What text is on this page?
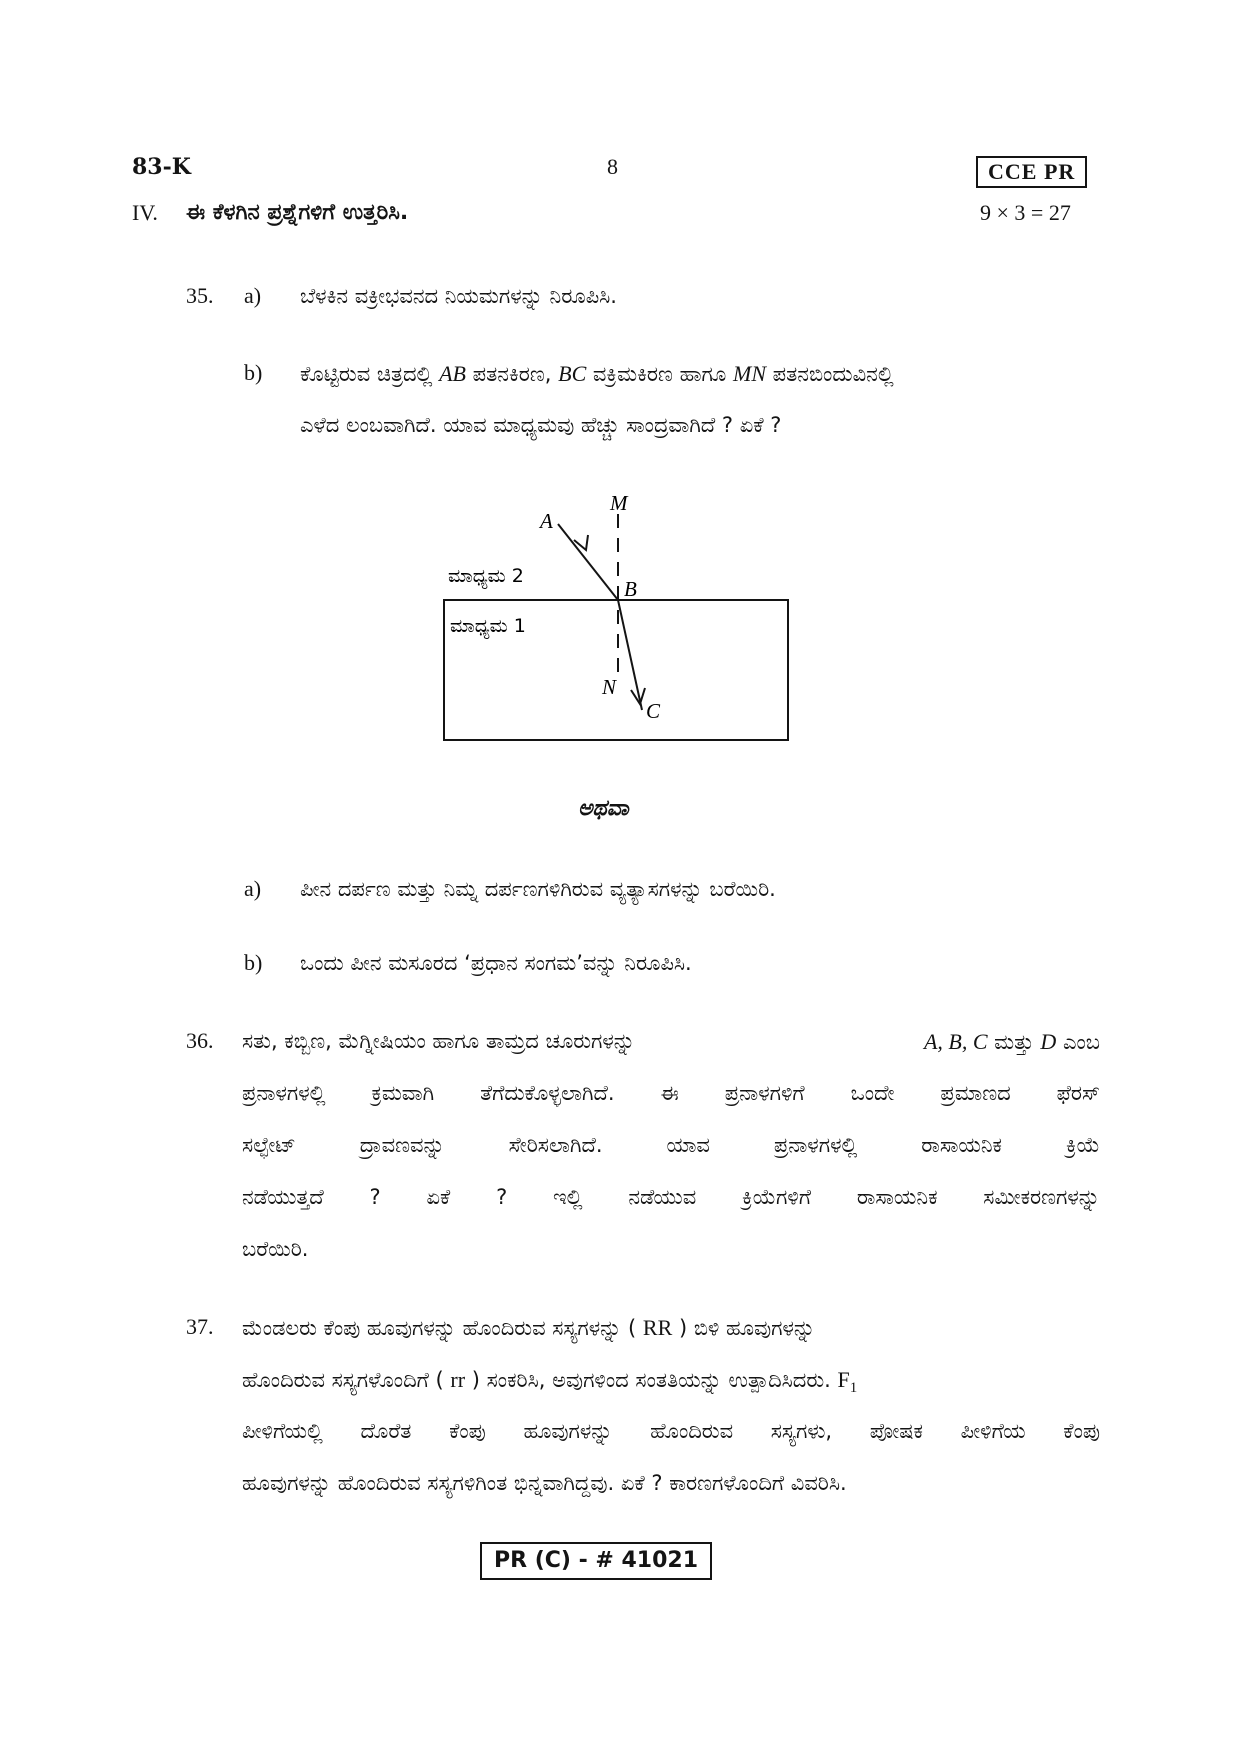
83-K	8	CCE PR
IV. ಈ ಕೆಳಗಿನ ಪ್ರಶ್ನೆಗಳಿಗೆ ಉತ್ತರಿಸಿ.	9 × 3 = 27
35. a) ಬೆಳಕಿನ ವಕ್ರೀಭವನದ ನಿಯಮಗಳನ್ನು ನಿರೂಪಿಸಿ.
b) ಕೊಟ್ಟಿರುವ ಚಿತ್ರದಲ್ಲಿ AB ಪತನಕಿರಣ, BC ವಕ್ರಿಮಕಿರಣ ಹಾಗೂ MN ಪತನಬಿಂದುವಿನಲ್ಲಿ
ಎಳೆದ ಲಂಬವಾಗಿದೆ. ಯಾವ ಮಾಧ್ಯಮವು ಹೆಚ್ಚು ಸಾಂದ್ರವಾಗಿದೆ ? ಏಕೆ ?
A
M
B
N
C
ಮಾಧ್ಯಮ 2
ಮಾಧ್ಯಮ 1
ಅಥವಾ
a) ಪೀನ ದರ್ಪಣ ಮತ್ತು ನಿಮ್ನ ದರ್ಪಣಗಳಿಗಿರುವ ವ್ಯತ್ಯಾಸಗಳನ್ನು ಬರೆಯಿರಿ.
b) ಒಂದು ಪೀನ ಮಸೂರದ ‘ಪ್ರಧಾನ ಸಂಗಮ’ವನ್ನು ನಿರೂಪಿಸಿ.
36. ಸತು, ಕಬ್ಬಿಣ, ಮೆಗ್ನೀಷಿಯಂ ಹಾಗೂ ತಾಮ್ರದ ಚೂರುಗಳನ್ನು	A, B, C ಮತ್ತು D ಎಂಬ
ಪ್ರನಾಳಗಳಲ್ಲಿ ಕ್ರಮವಾಗಿ ತೆಗೆದುಕೊಳ್ಳಲಾಗಿದೆ. ಈ ಪ್ರನಾಳಗಳಿಗೆ ಒಂದೇ ಪ್ರಮಾಣದ ಫೆರಸ್
ಸಲ್ಫೇಟ್ ದ್ರಾವಣವನ್ನು ಸೇರಿಸಲಾಗಿದೆ. ಯಾವ ಪ್ರನಾಳಗಳಲ್ಲಿ ರಾಸಾಯನಿಕ ಕ್ರಿಯೆ
ನಡೆಯುತ್ತದೆ ? ಏಕೆ ? ಇಲ್ಲಿ ನಡೆಯುವ ಕ್ರಿಯೆಗಳಿಗೆ ರಾಸಾಯನಿಕ ಸಮೀಕರಣಗಳನ್ನು
ಬರೆಯಿರಿ.
37. ಮೆಂಡಲರು ಕೆಂಪು ಹೂವುಗಳನ್ನು ಹೊಂದಿರುವ ಸಸ್ಯಗಳನ್ನು ( RR ) ಬಿಳಿ ಹೂವುಗಳನ್ನು
ಹೊಂದಿರುವ ಸಸ್ಯಗಳೊಂದಿಗೆ ( rr ) ಸಂಕರಿಸಿ, ಅವುಗಳಿಂದ ಸಂತತಿಯನ್ನು ಉತ್ಪಾದಿಸಿದರು. $F_1$
ಪೀಳಿಗೆಯಲ್ಲಿ ದೊರೆತ ಕೆಂಪು ಹೂವುಗಳನ್ನು ಹೊಂದಿರುವ ಸಸ್ಯಗಳು, ಪೋಷಕ ಪೀಳಿಗೆಯ ಕೆಂಪು
ಹೂವುಗಳನ್ನು ಹೊಂದಿರುವ ಸಸ್ಯಗಳಿಗಿಂತ ಭಿನ್ನವಾಗಿದ್ದವು. ಏಕೆ ? ಕಾರಣಗಳೊಂದಿಗೆ ವಿವರಿಸಿ.
PR (C) - # 41021
